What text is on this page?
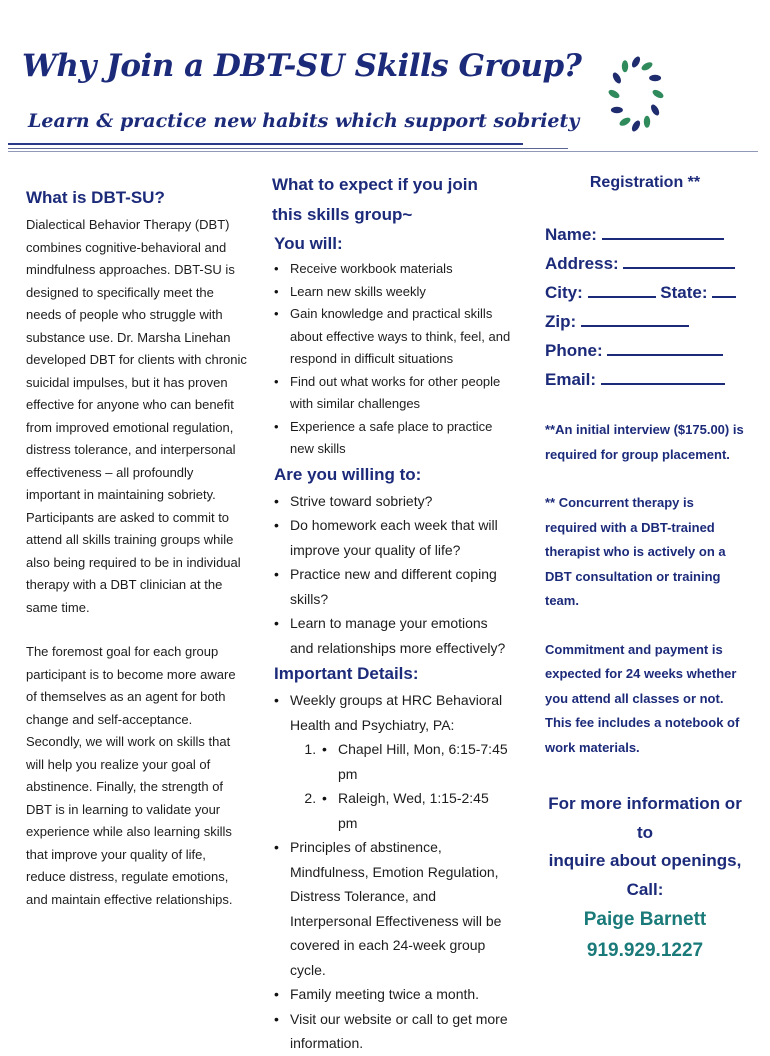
Why Join a DBT-SU Skills Group?
Learn & practice new habits which support sobriety

What is DBT-SU?

Dialectical Behavior Therapy (DBT) combines cognitive-behavioral and mindfulness approaches. DBT-SU is designed to specifically meet the needs of people who struggle with substance use. Dr. Marsha Linehan developed DBT for clients with chronic suicidal impulses, but it has proven effective for anyone who can benefit from improved emotional regulation, distress tolerance, and interpersonal effectiveness – all profoundly important in maintaining sobriety. Participants are asked to commit to attend all skills training groups while also being required to be in individual therapy with a DBT clinician at the same time.

The foremost goal for each group participant is to become more aware of themselves as an agent for both change and self-acceptance. Secondly, we will work on skills that will help you realize your goal of abstinence. Finally, the strength of DBT is in learning to validate your experience while also learning skills that improve your quality of life, reduce distress, regulate emotions, and maintain effective relationships.

What to expect if you join this skills group~

You will:

• Receive workbook materials
• Learn new skills weekly
• Gain knowledge and practical skills about effective ways to think, feel, and respond in difficult situations
• Find out what works for other people with similar challenges
• Experience a safe place to practice new skills

Are you willing to:

• Strive toward sobriety?
• Do homework each week that will improve your quality of life?
• Practice new and different coping skills?
• Learn to manage your emotions and relationships more effectively?

Important Details:

• Weekly groups at HRC Behavioral Health and Psychiatry, PA:
• 1. Chapel Hill, Mon, 6:15-7:45 pm
• 2. Raleigh, Wed, 1:15-2:45 pm
• Principles of abstinence, Mindfulness, Emotion Regulation, Distress Tolerance, and Interpersonal Effectiveness will be covered in each 24-week group cycle.
• Family meeting twice a month.
• Visit our website or call to get more information.

Registration **

Name:
Address:
City:	State:
Zip:
Phone:
Email:

**An initial interview ($175.00) is required for group placement.

** Concurrent therapy is required with a DBT-trained therapist who is actively on a DBT consultation or training team.

Commitment and payment is expected for 24 weeks whether you attend all classes or not. This fee includes a notebook of work materials.

For more information or to
inquire about openings,
Call:
Paige Barnett
919.929.1227
